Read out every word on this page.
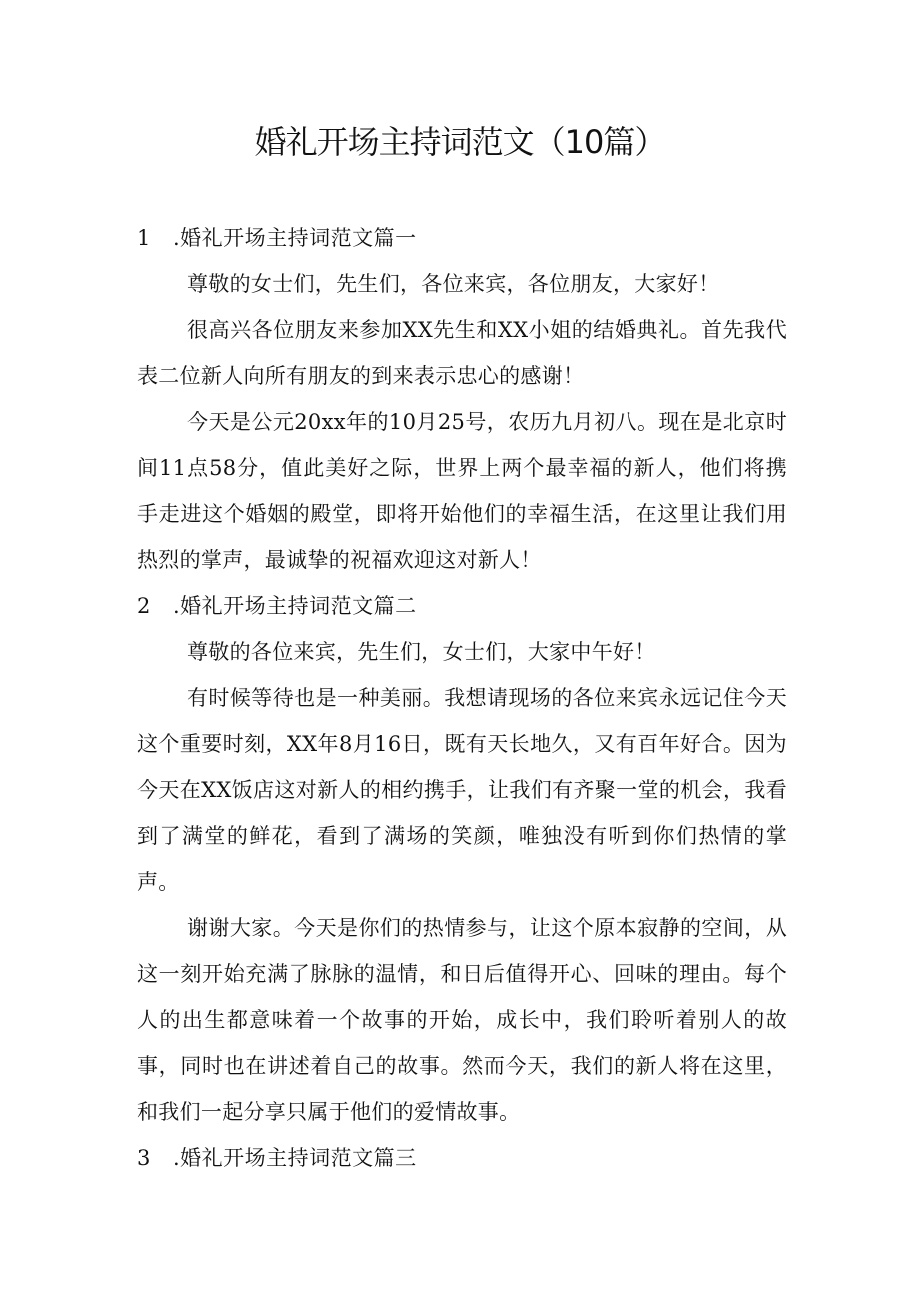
婚礼开场主持词范文（10篇）
1 .婚礼开场主持词范文篇一

尊敬的女士们，先生们，各位来宾，各位朋友，大家好！

很高兴各位朋友来参加XX先生和XX小姐的结婚典礼。首先我代表二位新人向所有朋友的到来表示忠心的感谢！

今天是公元20xx年的10月25号，农历九月初八。现在是北京时间11点58分，值此美好之际，世界上两个最幸福的新人，他们将携手走进这个婚姻的殿堂，即将开始他们的幸福生活，在这里让我们用热烈的掌声，最诚挚的祝福欢迎这对新人！

2 .婚礼开场主持词范文篇二

尊敬的各位来宾，先生们，女士们，大家中午好！

有时候等待也是一种美丽。我想请现场的各位来宾永远记住今天这个重要时刻，XX年8月16日，既有天长地久，又有百年好合。因为今天在XX饭店这对新人的相约携手，让我们有齐聚一堂的机会，我看到了满堂的鲜花，看到了满场的笑颜，唯独没有听到你们热情的掌声。

谢谢大家。今天是你们的热情参与，让这个原本寂静的空间，从这一刻开始充满了脉脉的温情，和日后值得开心、回味的理由。每个人的出生都意味着一个故事的开始，成长中，我们聆听着别人的故事，同时也在讲述着自己的故事。然而今天，我们的新人将在这里，和我们一起分享只属于他们的爱情故事。

3 .婚礼开场主持词范文篇三
